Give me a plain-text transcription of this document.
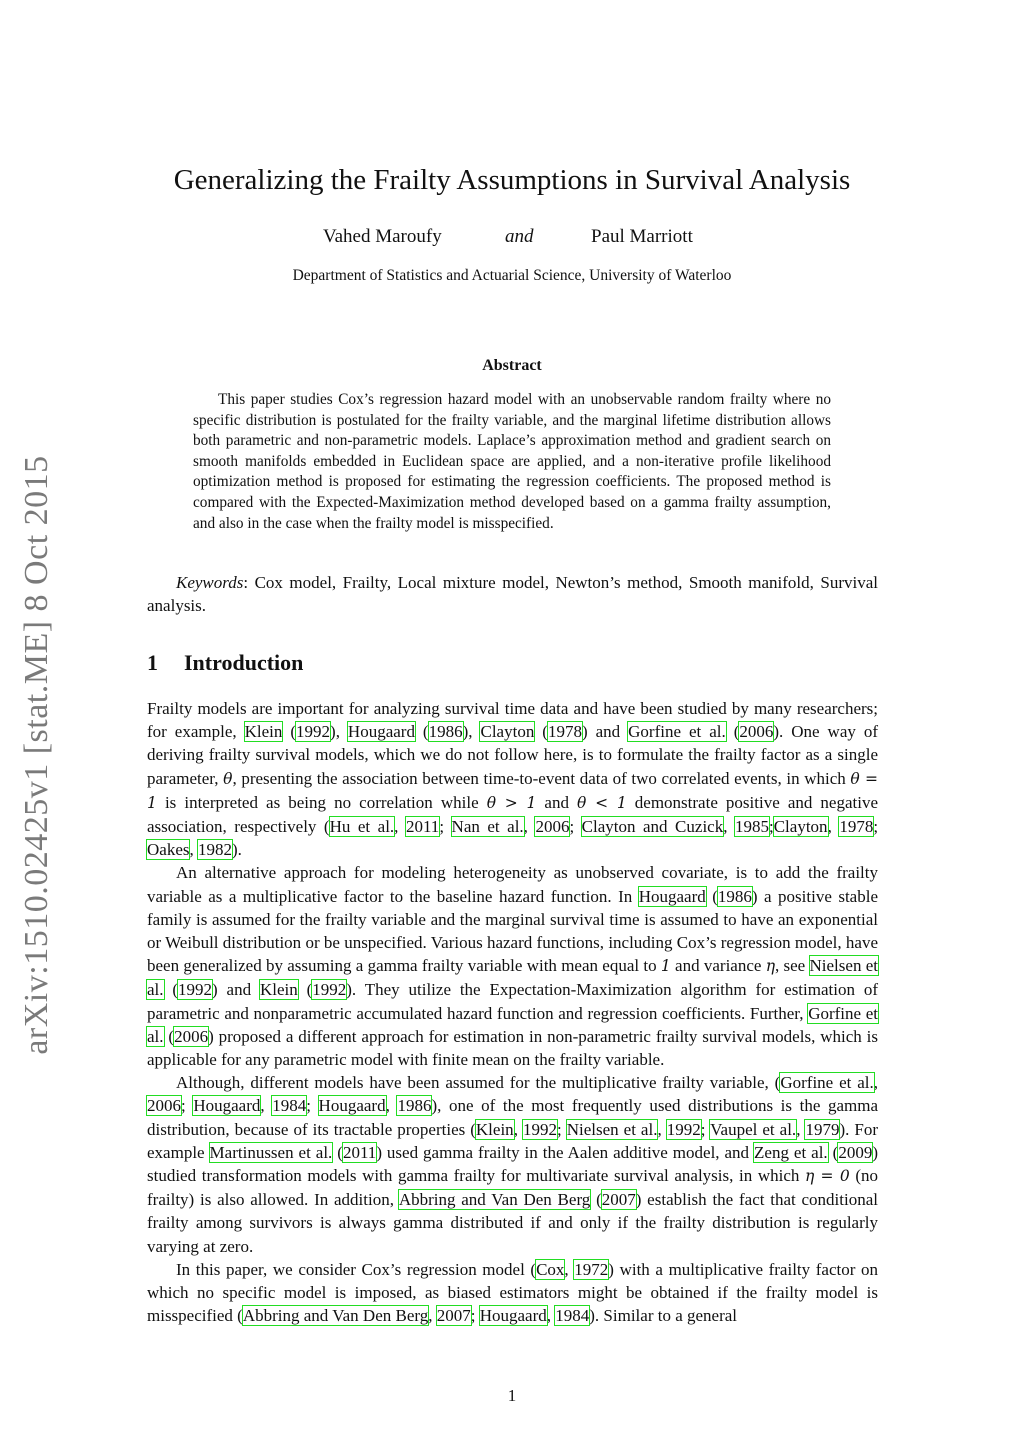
arXiv:1510.02425v1 [stat.ME] 8 Oct 2015
Generalizing the Frailty Assumptions in Survival Analysis
Vahed Maroufy	and	Paul Marriott
Department of Statistics and Actuarial Science, University of Waterloo
Abstract

This paper studies Cox’s regression hazard model with an unobservable random frailty where no specific distribution is postulated for the frailty variable, and the marginal lifetime distribution allows both parametric and non-parametric models. Laplace’s approximation method and gradient search on smooth manifolds embedded in Euclidean space are applied, and a non-iterative profile likelihood optimization method is proposed for estimating the regression coefficients. The proposed method is compared with the Expected-Maximization method developed based on a gamma frailty assumption, and also in the case when the frailty model is misspecified.

Keywords: Cox model, Frailty, Local mixture model, Newton’s method, Smooth manifold, Survival analysis.

1 Introduction

Frailty models are important for analyzing survival time data and have been studied by many researchers; for example, Klein (1992), Hougaard (1986), Clayton (1978) and Gorfine et al. (2006). One way of deriving frailty survival models, which we do not follow here, is to formulate the frailty factor as a single parameter, θ, presenting the association between time-to-event data of two correlated events, in which θ = 1 is interpreted as being no correlation while θ > 1 and θ < 1 demonstrate positive and negative association, respectively (Hu et al., 2011; Nan et al., 2006; Clayton and Cuzick, 1985;Clayton, 1978; Oakes, 1982).

An alternative approach for modeling heterogeneity as unobserved covariate, is to add the frailty variable as a multiplicative factor to the baseline hazard function. In Hougaard (1986) a positive stable family is assumed for the frailty variable and the marginal survival time is assumed to have an exponential or Weibull distribution or be unspecified. Various hazard functions, including Cox’s regression model, have been generalized by assuming a gamma frailty variable with mean equal to 1 and variance η, see Nielsen et al. (1992) and Klein (1992). They utilize the Expectation-Maximization algorithm for estimation of parametric and nonparametric accumulated hazard function and regression coefficients. Further, Gorfine et al. (2006) proposed a different approach for estimation in non-parametric frailty survival models, which is applicable for any parametric model with finite mean on the frailty variable.

Although, different models have been assumed for the multiplicative frailty variable, (Gorfine et al., 2006; Hougaard, 1984; Hougaard, 1986), one of the most frequently used distributions is the gamma distribution, because of its tractable properties (Klein, 1992; Nielsen et al., 1992; Vaupel et al., 1979). For example Martinussen et al. (2011) used gamma frailty in the Aalen additive model, and Zeng et al. (2009) studied transformation models with gamma frailty for multivariate survival analysis, in which η = 0 (no frailty) is also allowed. In addition, Abbring and Van Den Berg (2007) establish the fact that conditional frailty among survivors is always gamma distributed if and only if the frailty distribution is regularly varying at zero.

In this paper, we consider Cox’s regression model (Cox, 1972) with a multiplicative frailty factor on which no specific model is imposed, as biased estimators might be obtained if the frailty model is misspecified (Abbring and Van Den Berg, 2007; Hougaard, 1984). Similar to a general

1
